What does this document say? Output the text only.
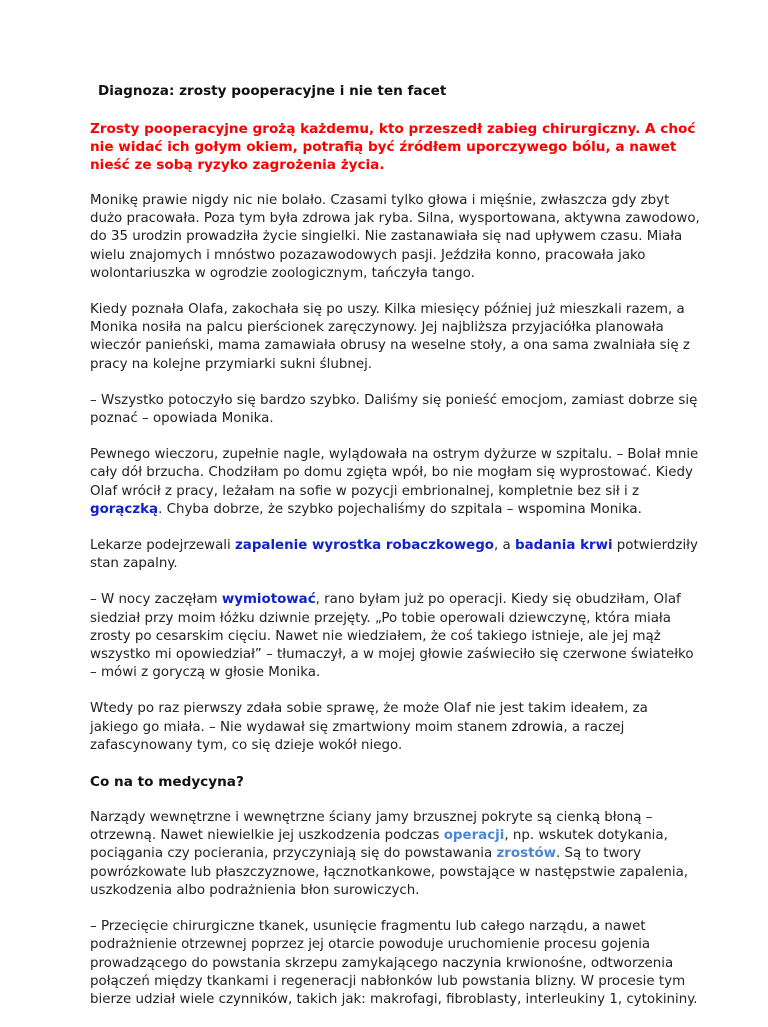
Diagnoza: zrosty pooperacyjne i nie ten facet
Zrosty pooperacyjne grożą każdemu, kto przeszedł zabieg chirurgiczny. A choć nie widać ich gołym okiem, potrafią być źródłem uporczywego bólu, a nawet nieść ze sobą ryzyko zagrożenia życia.

Monikę prawie nigdy nic nie bolało. Czasami tylko głowa i mięśnie, zwłaszcza gdy zbyt dużo pracowała. Poza tym była zdrowa jak ryba. Silna, wysportowana, aktywna zawodowo, do 35 urodzin prowadziła życie singielki. Nie zastanawiała się nad upływem czasu. Miała wielu znajomych i mnóstwo pozazawodowych pasji. Jeździła konno, pracowała jako wolontariuszka w ogrodzie zoologicznym, tańczyła tango.

Kiedy poznała Olafa, zakochała się po uszy. Kilka miesięcy później już mieszkali razem, a Monika nosiła na palcu pierścionek zaręczynowy. Jej najbliższa przyjaciółka planowała wieczór panieński, mama zamawiała obrusy na weselne stoły, a ona sama zwalniała się z pracy na kolejne przymiarki sukni ślubnej.

– Wszystko potoczyło się bardzo szybko. Daliśmy się ponieść emocjom, zamiast dobrze się poznać – opowiada Monika.

Pewnego wieczoru, zupełnie nagle, wylądowała na ostrym dyżurze w szpitalu. – Bolał mnie cały dół brzucha. Chodziłam po domu zgięta wpół, bo nie mogłam się wyprostować. Kiedy Olaf wrócił z pracy, leżałam na sofie w pozycji embrionalnej, kompletnie bez sił i z gorączką. Chyba dobrze, że szybko pojechaliśmy do szpitala – wspomina Monika.

Lekarze podejrzewali zapalenie wyrostka robaczkowego, a badania krwi potwierdziły stan zapalny.

– W nocy zaczęłam wymiotować, rano byłam już po operacji. Kiedy się obudziłam, Olaf siedział przy moim łóżku dziwnie przejęty. „Po tobie operowali dziewczynę, która miała zrosty po cesarskim cięciu. Nawet nie wiedziałem, że coś takiego istnieje, ale jej mąż wszystko mi opowiedział” – tłumaczył, a w mojej głowie zaświeciło się czerwone światełko – mówi z goryczą w głosie Monika.

Wtedy po raz pierwszy zdała sobie sprawę, że może Olaf nie jest takim ideałem, za jakiego go miała. – Nie wydawał się zmartwiony moim stanem zdrowia, a raczej zafascynowany tym, co się dzieje wokół niego.

Co na to medycyna?

Narządy wewnętrzne i wewnętrzne ściany jamy brzusznej pokryte są cienką błoną – otrzewną. Nawet niewielkie jej uszkodzenia podczas operacji, np. wskutek dotykania, pociągania czy pocierania, przyczyniają się do powstawania zrostów. Są to twory powrózkowate lub płaszczyznowe, łącznotkankowe, powstające w następstwie zapalenia, uszkodzenia albo podrażnienia błon surowiczych.

– Przecięcie chirurgiczne tkanek, usunięcie fragmentu lub całego narządu, a nawet podrażnienie otrzewnej poprzez jej otarcie powoduje uruchomienie procesu gojenia prowadzącego do powstania skrzepu zamykającego naczynia krwionośne, odtworzenia połączeń między tkankami i regeneracji nabłonków lub powstania blizny. W procesie tym bierze udział wiele czynników, takich jak: makrofagi, fibroblasty, interleukiny 1, cytokininy.
